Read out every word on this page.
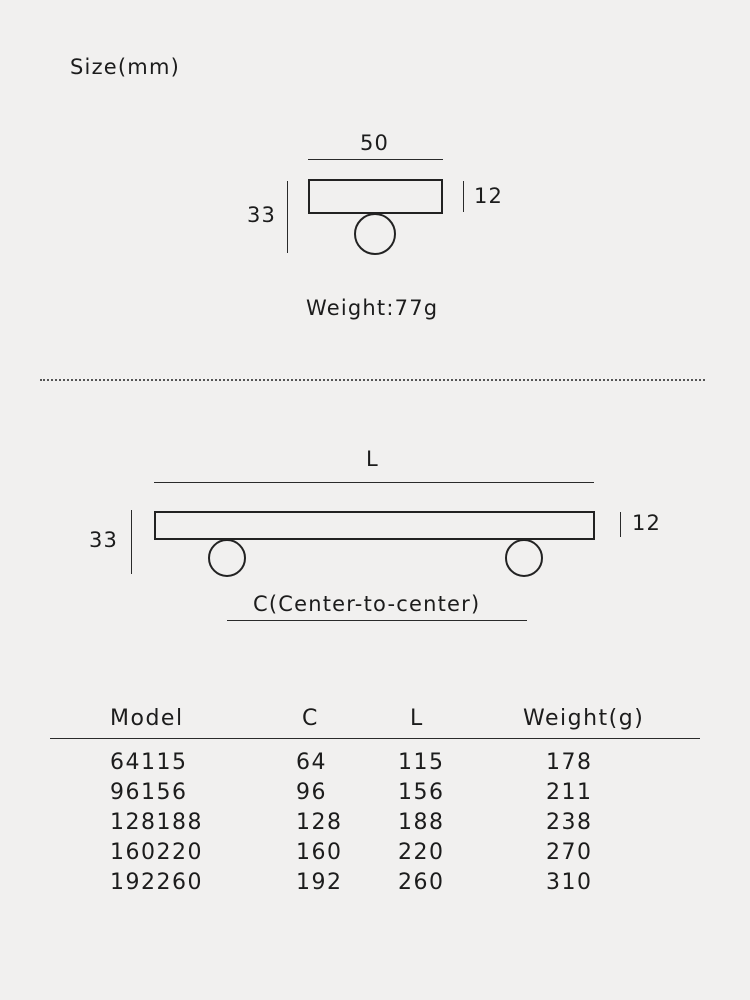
Size(mm)
50
33
12
Weight:77g
L
33
12
C(Center-to-center)
Model	C	L	Weight(g)
64115	64	115	178
96156	96	156	211
128188	128	188	238
160220	160	220	270
192260	192	260	310
